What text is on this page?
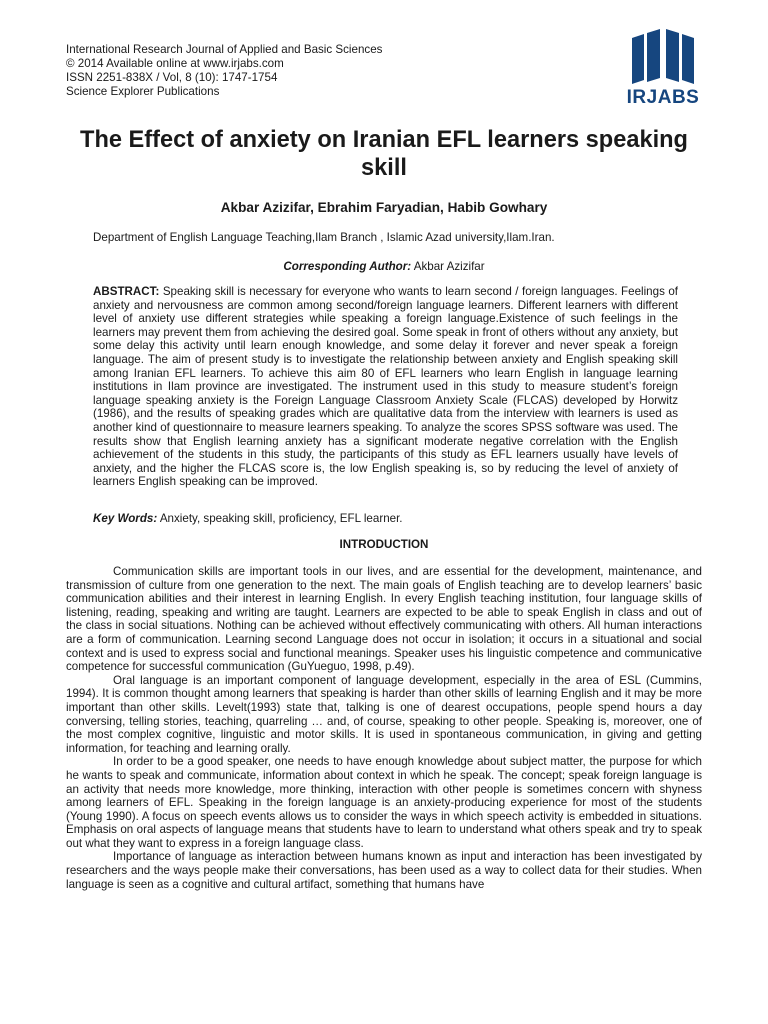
International Research Journal of Applied and Basic Sciences
© 2014 Available online at www.irjabs.com
ISSN 2251-838X / Vol, 8 (10): 1747-1754
Science Explorer Publications	IRJABS
The Effect of anxiety on Iranian EFL learners speaking skill
Akbar Azizifar, Ebrahim Faryadian, Habib Gowhary
Department of English Language Teaching,Ilam Branch , Islamic Azad university,Ilam.Iran.
Corresponding Author: Akbar Azizifar

ABSTRACT: Speaking skill is necessary for everyone who wants to learn second / foreign languages. Feelings of anxiety and nervousness are common among second/foreign language learners. Different learners with different level of anxiety use different strategies while speaking a foreign language.Existence of such feelings in the learners may prevent them from achieving the desired goal. Some speak in front of others without any anxiety, but some delay this activity until learn enough knowledge, and some delay it forever and never speak a foreign language. The aim of present study is to investigate the relationship between anxiety and English speaking skill among Iranian EFL learners. To achieve this aim 80 of EFL learners who learn English in language learning institutions in Ilam province are investigated. The instrument used in this study to measure student’s foreign language speaking anxiety is the Foreign Language Classroom Anxiety Scale (FLCAS) developed by Horwitz (1986), and the results of speaking grades which are qualitative data from the interview with learners is used as another kind of questionnaire to measure learners speaking. To analyze the scores SPSS software was used. The results show that English learning anxiety has a significant moderate negative correlation with the English achievement of the students in this study, the participants of this study as EFL learners usually have levels of anxiety, and the higher the FLCAS score is, the low English speaking is, so by reducing the level of anxiety of learners English speaking can be improved.

Key Words: Anxiety, speaking skill, proficiency, EFL learner.
INTRODUCTION

Communication skills are important tools in our lives, and are essential for the development, maintenance, and transmission of culture from one generation to the next. The main goals of English teaching are to develop learners’ basic communication abilities and their interest in learning English. In every English teaching institution, four language skills of listening, reading, speaking and writing are taught. Learners are expected to be able to speak English in class and out of the class in social situations. Nothing can be achieved without effectively communicating with others. All human interactions are a form of communication. Learning second Language does not occur in isolation; it occurs in a situational and social context and is used to express social and functional meanings. Speaker uses his linguistic competence and communicative competence for successful communication (GuYueguo, 1998, p.49).

Oral language is an important component of language development, especially in the area of ESL (Cummins, 1994). It is common thought among learners that speaking is harder than other skills of learning English and it may be more important than other skills. Levelt(1993) state that, talking is one of dearest occupations, people spend hours a day conversing, telling stories, teaching, quarreling … and, of course, speaking to other people. Speaking is, moreover, one of the most complex cognitive, linguistic and motor skills. It is used in spontaneous communication, in giving and getting information, for teaching and learning orally.

In order to be a good speaker, one needs to have enough knowledge about subject matter, the purpose for which he wants to speak and communicate, information about context in which he speak. The concept; speak foreign language is an activity that needs more knowledge, more thinking, interaction with other people is sometimes concern with shyness among learners of EFL. Speaking in the foreign language is an anxiety-producing experience for most of the students (Young 1990). A focus on speech events allows us to consider the ways in which speech activity is embedded in situations. Emphasis on oral aspects of language means that students have to learn to understand what others speak and try to speak out what they want to express in a foreign language class.

Importance of language as interaction between humans known as input and interaction has been investigated by researchers and the ways people make their conversations, has been used as a way to collect data for their studies. When language is seen as a cognitive and cultural artifact, something that humans have
